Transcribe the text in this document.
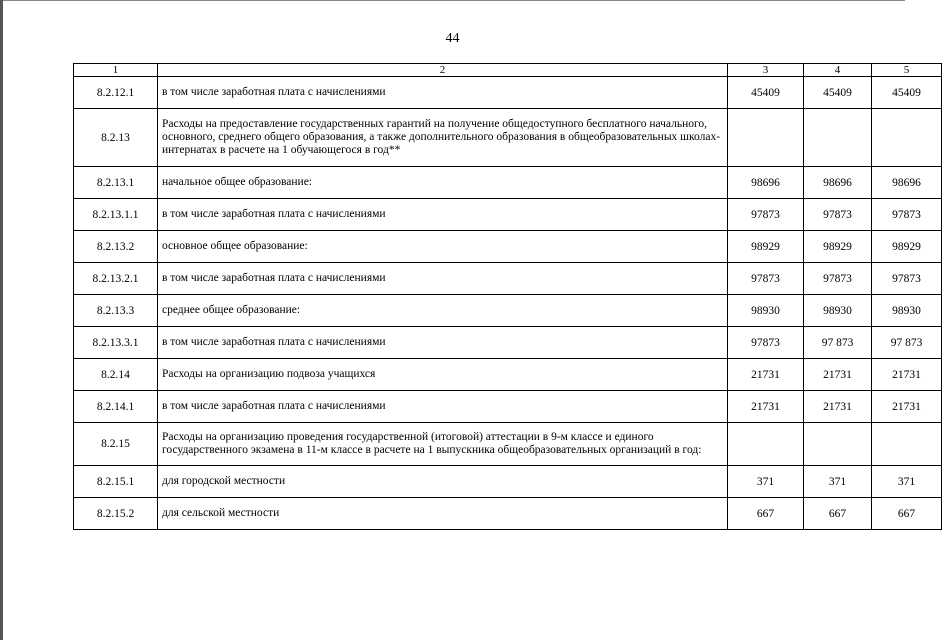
44
1	2	3	4	5
8.2.12.1	в том числе заработная плата с начислениями	45409	45409	45409
8.2.13	Расходы на предоставление государственных гарантий на получение общедоступного бесплатного начального, основного, среднего общего образования, а также дополнительного образования в общеобразовательных школах-интернатах в расчете на 1 обучающегося в год**			
8.2.13.1	начальное общее образование:	98696	98696	98696
8.2.13.1.1	в том числе заработная плата с начислениями	97873	97873	97873
8.2.13.2	основное общее образование:	98929	98929	98929
8.2.13.2.1	в том числе заработная плата с начислениями	97873	97873	97873
8.2.13.3	среднее общее образование:	98930	98930	98930
8.2.13.3.1	в том числе заработная плата с начислениями	97873	97 873	97 873
8.2.14	Расходы на организацию подвоза учащихся	21731	21731	21731
8.2.14.1	в том числе заработная плата с начислениями	21731	21731	21731
8.2.15	Расходы на организацию проведения государственной (итоговой) аттестации в 9-м классе и единого государственного экзамена в 11-м классе в расчете на 1 выпускника общеобразовательных организаций в год:			
8.2.15.1	для городской местности	371	371	371
8.2.15.2	для сельской местности	667	667	667
